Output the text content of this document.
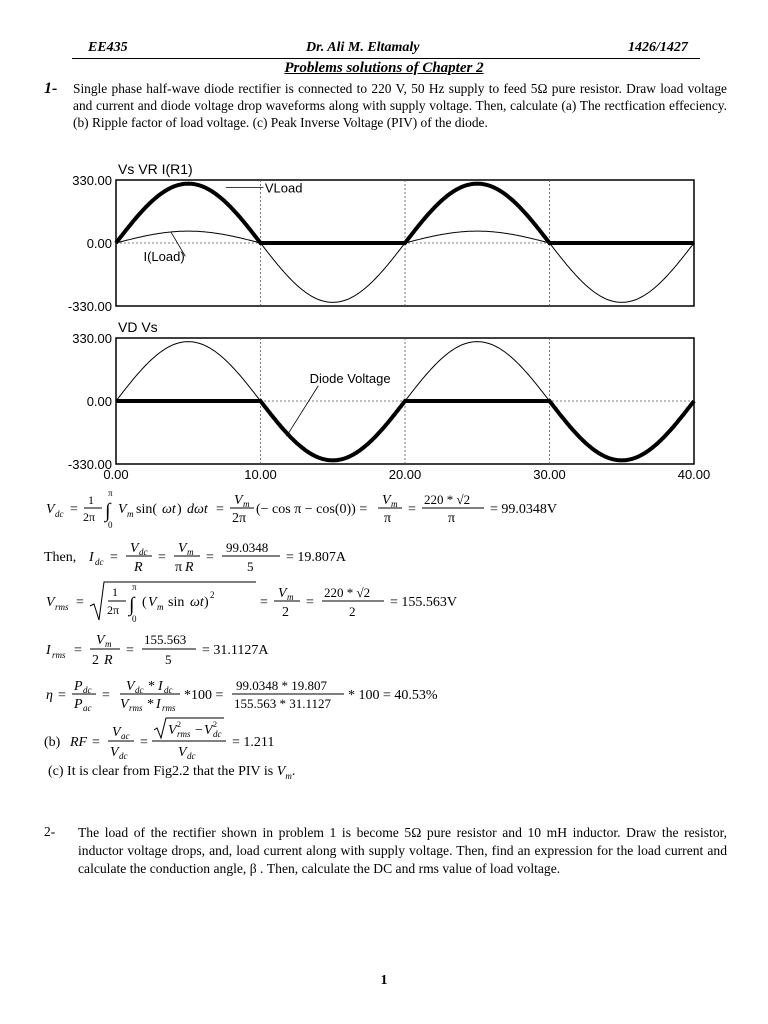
EE435	Dr. Ali M. Eltamaly	1426/1427
Problems solutions of Chapter 2
1- Single phase half-wave diode rectifier is connected to 220 V, 50 Hz supply to feed 5Ω pure resistor. Draw load voltage and current and diode voltage drop waveforms along with supply voltage. Then, calculate (a) The rectfication effeciency. (b) Ripple factor of load voltage. (c) Peak Inverse Voltage (PIV) of the diode.

330.00
0.00
-330.00
Vs VR I(R1)
VLoad
I(Load)
330.00
0.00
-330.00
VD Vs
Diode Voltage
0.00	10.00	20.00	30.00	40.00
V dc =
1
2π
π
∫
0
V m sin( ωt ) dωt =
V m
2π
(− cos π − cos(0)) =
V m
π
=
220 * √2
π
= 99.0348V
Then, I dc =
V dc
R
=
V m
π R
=
99.0348
5
= 19.807A
V rms =
1
2π
π
∫
0
( V m sin ωt ) 2	=
V m
2
=
220 * √2
2
= 155.563V
I rms =
V m
2 R
=
155.563
5
= 31.1127A
η =
P dc
P ac
=
V dc * I dc
V rms * I rms
*100 =
99.0348 * 19.807
155.563 * 31.1127
* 100 = 40.53%
(b) RF =
V ac
V dc
=
V rms
2 − V dc
2
V dc
= 1.211
(c) It is clear from Fig2.2 that the PIV is $V_m$.
2- The load of the rectifier shown in problem 1 is become 5Ω pure resistor and 10 mH inductor. Draw the resistor, inductor voltage drops, and, load current along with supply voltage. Then, find an expression for the load current and calculate the conduction angle, β . Then, calculate the DC and rms value of load voltage.

1
